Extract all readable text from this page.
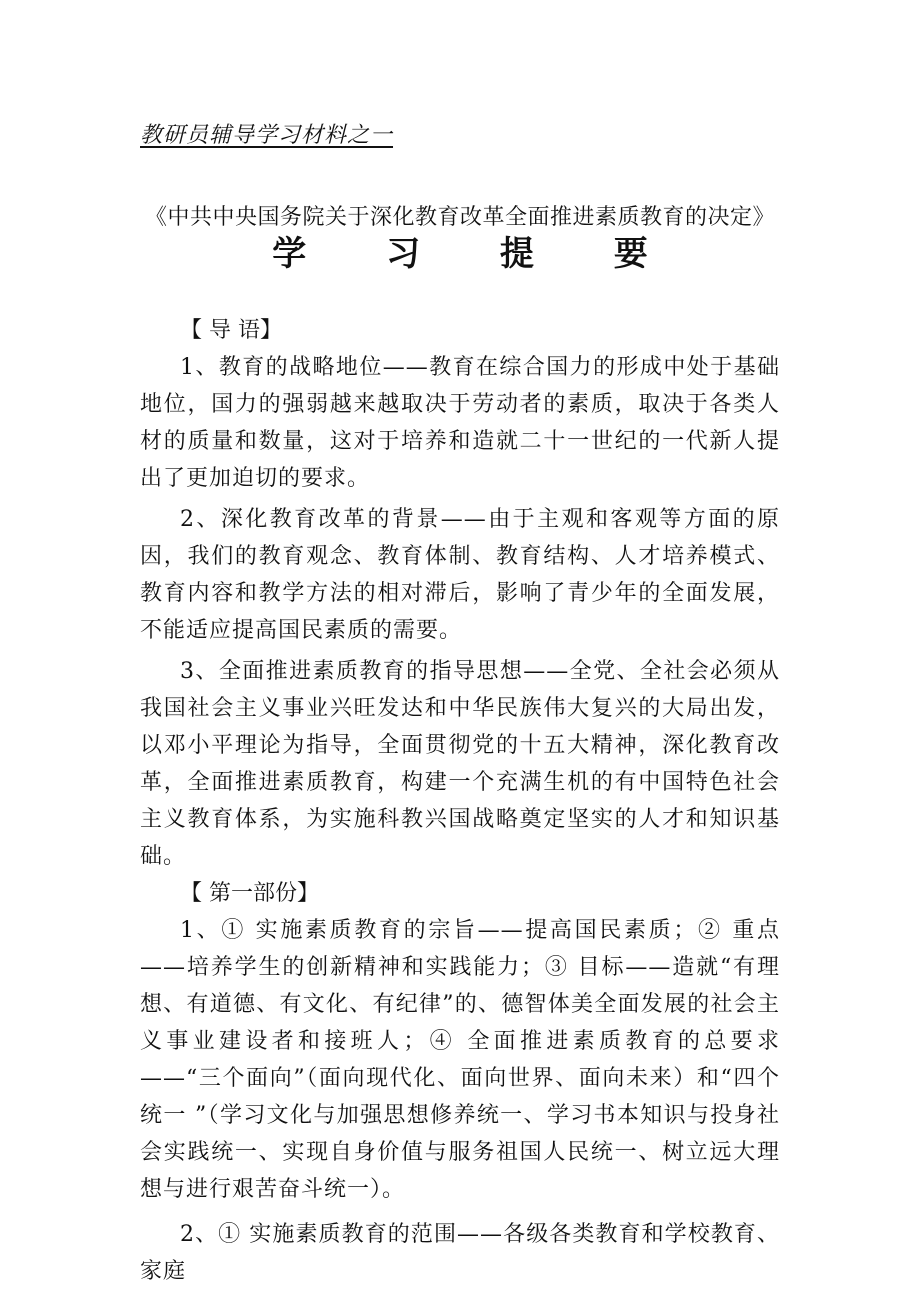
教研员辅导学习材料之一
《中共中央国务院关于深化教育改革全面推进素质教育的决定》
学 习 提 要

【 导 语】

1、教育的战略地位——教育在综合国力的形成中处于基础地位，国力的强弱越来越取决于劳动者的素质，取决于各类人材的质量和数量，这对于培养和造就二十一世纪的一代新人提出了更加迫切的要求。

2、深化教育改革的背景——由于主观和客观等方面的原因，我们的教育观念、教育体制、教育结构、人才培养模式、教育内容和教学方法的相对滞后，影响了青少年的全面发展，不能适应提高国民素质的需要。

3、全面推进素质教育的指导思想——全党、全社会必须从我国社会主义事业兴旺发达和中华民族伟大复兴的大局出发，以邓小平理论为指导，全面贯彻党的十五大精神，深化教育改革，全面推进素质教育，构建一个充满生机的有中国特色社会主义教育体系，为实施科教兴国战略奠定坚实的人才和知识基础。

【 第一部份】

1、① 实施素质教育的宗旨——提高国民素质；② 重点——培养学生的创新精神和实践能力；③ 目标——造就“有理想、有道德、有文化、有纪律”的、德智体美全面发展的社会主义事业建设者和接班人；④ 全面推进素质教育的总要求——“三个面向”（面向现代化、面向世界、面向未来）和“四个统一 ”（学习文化与加强思想修养统一、学习书本知识与投身社会实践统一、实现自身价值与服务祖国人民统一、树立远大理想与进行艰苦奋斗统一）。

2、① 实施素质教育的范围——各级各类教育和学校教育、家庭
